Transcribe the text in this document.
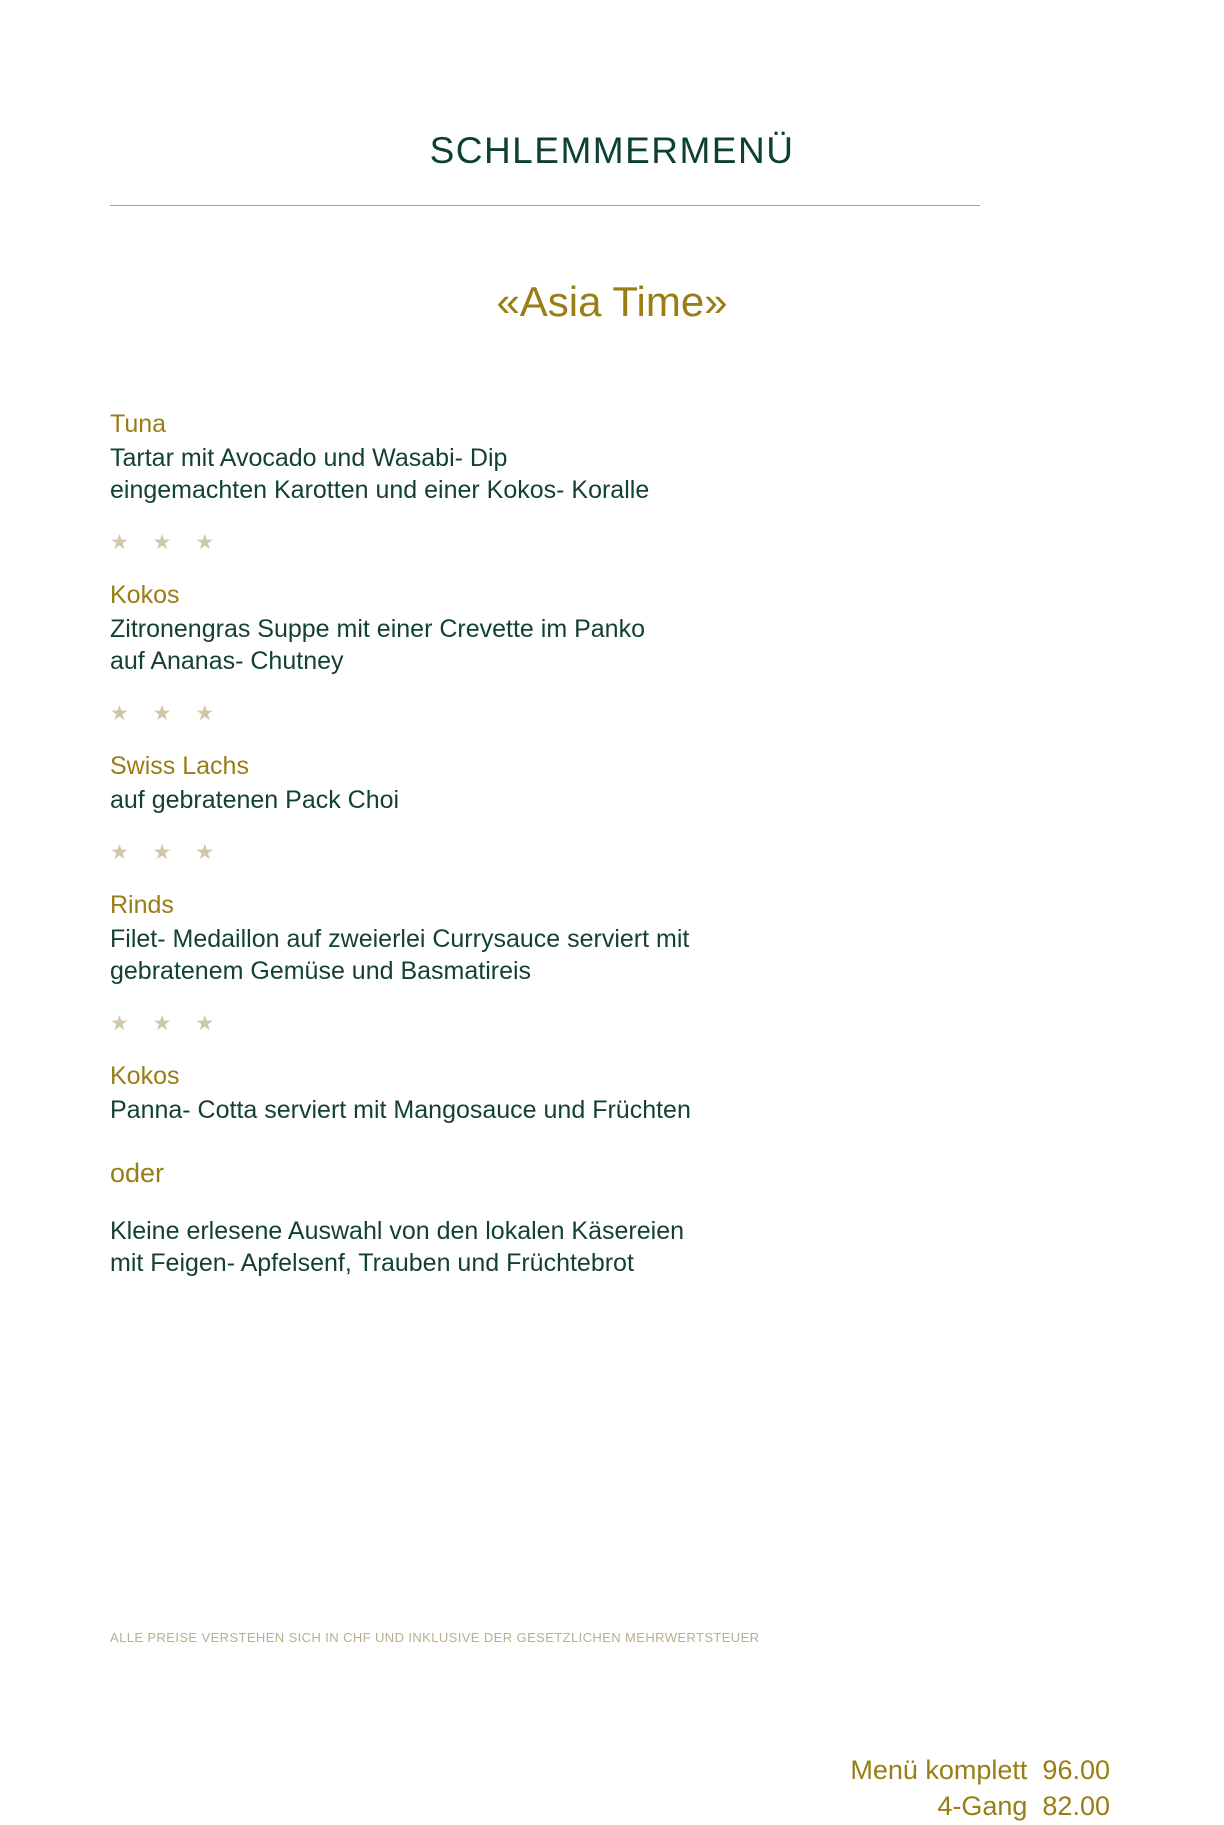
SCHLEMMERMENÜ
«Asia Time»

Tuna

Tartar mit Avocado und Wasabi- Dip

eingemachten Karotten und einer Kokos- Koralle

★ ★ ★

Kokos

Zitronengras Suppe mit einer Crevette im Panko

auf Ananas- Chutney

★ ★ ★

Swiss Lachs

auf gebratenen Pack Choi

★ ★ ★

Rinds

Filet- Medaillon auf zweierlei Currysauce serviert mit

gebratenem Gemüse und Basmatireis

★ ★ ★

Kokos

Panna- Cotta serviert mit Mangosauce und Früchten

oder

Kleine erlesene Auswahl von den lokalen Käsereien

mit Feigen- Apfelsenf, Trauben und Früchtebrot

Menü komplett  96.00
4-Gang  82.00
ALLE PREISE VERSTEHEN SICH IN CHF UND INKLUSIVE DER GESETZLICHEN MEHRWERTSTEUER
